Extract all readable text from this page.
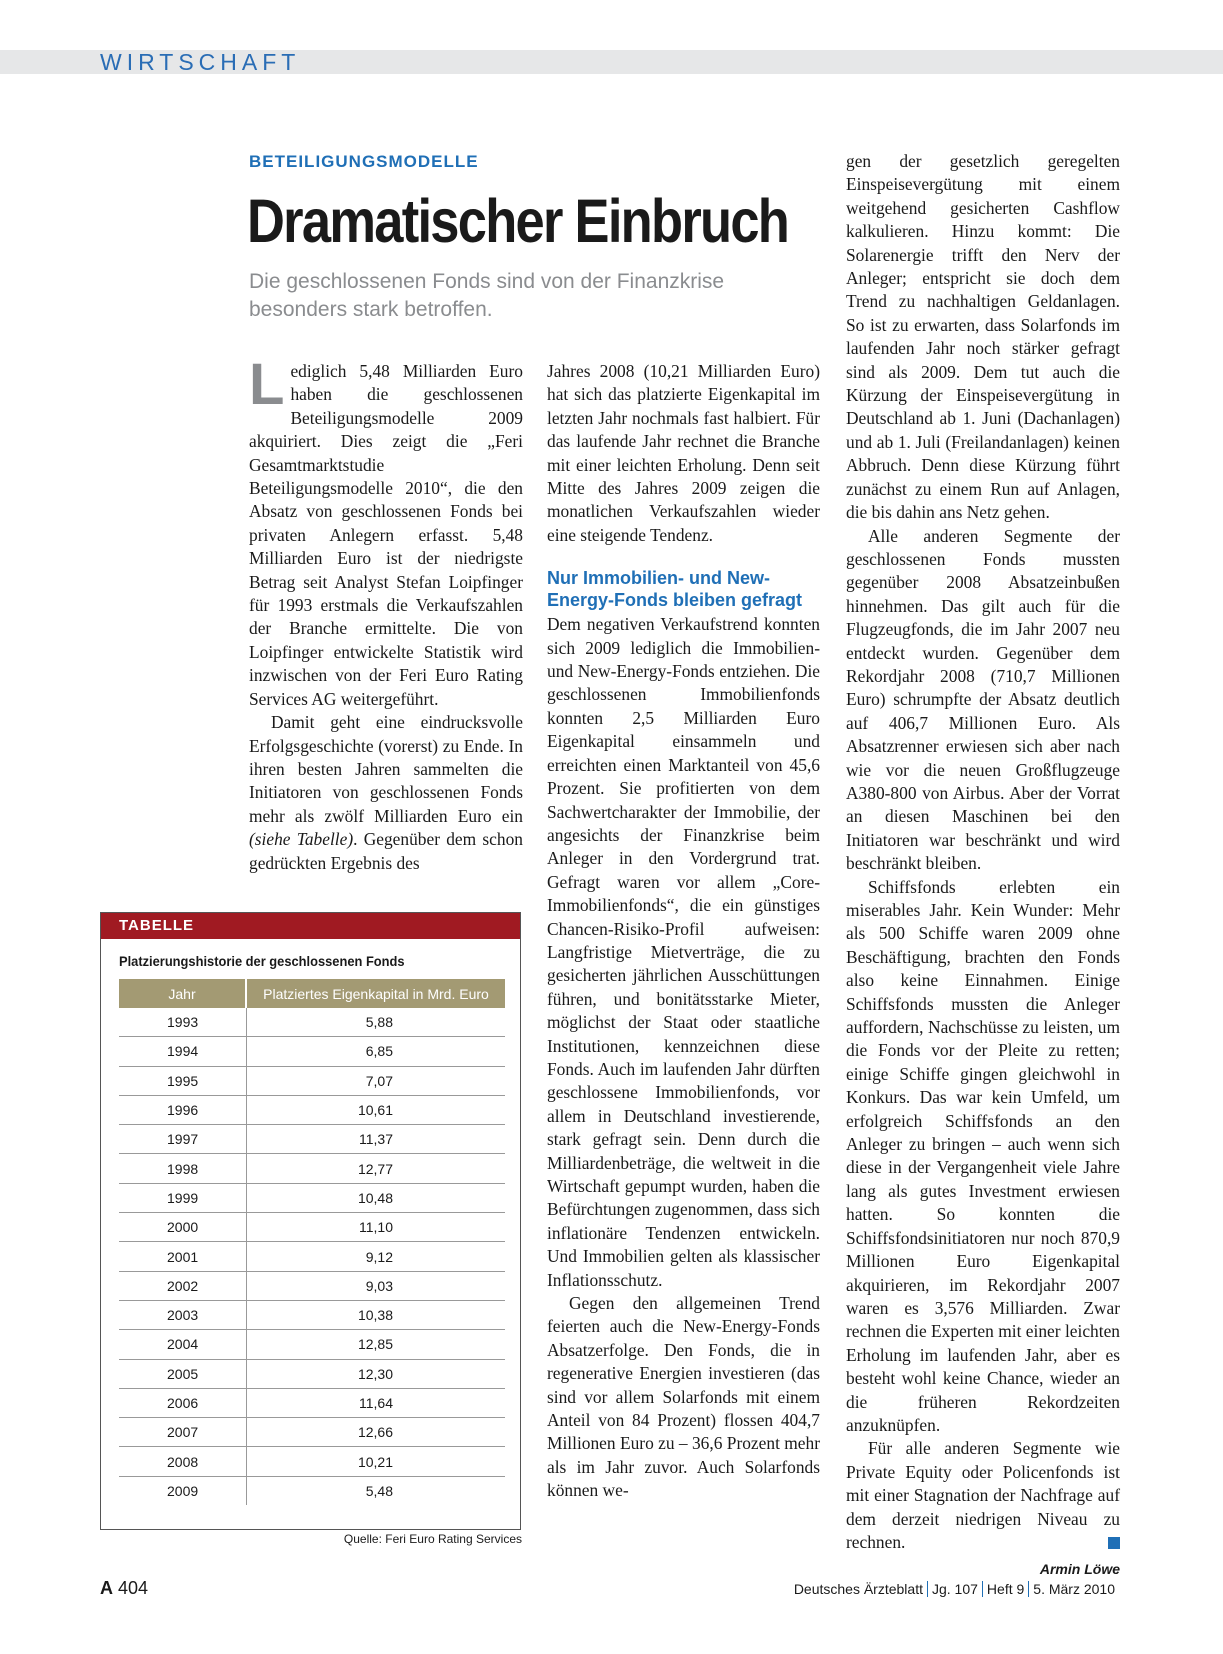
WIRTSCHAFT
BETEILIGUNGSMODELLE
Dramatischer Einbruch
Die geschlossenen Fonds sind von der Finanzkrise besonders stark betroffen.

Lediglich 5,48 Milliarden Euro haben die geschlossenen Beteiligungsmodelle 2009 akquiriert. Dies zeigt die „Feri Gesamtmarktstudie Beteiligungsmodelle 2010“, die den Absatz von geschlossenen Fonds bei privaten Anlegern erfasst. 5,48 Milliarden Euro ist der niedrigste Betrag seit Analyst Stefan Loipfinger für 1993 erstmals die Verkaufszahlen der Branche ermittelte. Die von Loipfinger entwickelte Statistik wird inzwischen von der Feri Euro Rating Services AG weitergeführt.

Damit geht eine eindrucksvolle Erfolgsgeschichte (vorerst) zu Ende. In ihren besten Jahren sammelten die Initiatoren von geschlossenen Fonds mehr als zwölf Milliarden Euro ein (siehe Tabelle). Gegenüber dem schon gedrückten Ergebnis des

Jahres 2008 (10,21 Milliarden Euro) hat sich das platzierte Eigenkapital im letzten Jahr nochmals fast halbiert. Für das laufende Jahr rechnet die Branche mit einer leichten Erholung. Denn seit Mitte des Jahres 2009 zeigen die monatlichen Verkaufszahlen wieder eine steigende Tendenz.

Nur Immobilien- und New-Energy-Fonds bleiben gefragt

Dem negativen Verkaufstrend konnten sich 2009 lediglich die Immobilien- und New-Energy-Fonds entziehen. Die geschlossenen Immobilienfonds konnten 2,5 Milliarden Euro Eigenkapital einsammeln und erreichten einen Marktanteil von 45,6 Prozent. Sie profitierten von dem Sachwertcharakter der Immobilie, der angesichts der Finanzkrise beim Anleger in den Vordergrund trat. Gefragt waren vor allem „Core-Immobilienfonds“, die ein günstiges Chancen-Risiko-Profil aufweisen: Langfristige Mietverträge, die zu gesicherten jährlichen Ausschüttungen führen, und bonitätsstarke Mieter, möglichst der Staat oder staatliche Institutionen, kennzeichnen diese Fonds. Auch im laufenden Jahr dürften geschlossene Immobilienfonds, vor allem in Deutschland investierende, stark gefragt sein. Denn durch die Milliardenbeträge, die weltweit in die Wirtschaft gepumpt wurden, haben die Befürchtungen zugenommen, dass sich inflationäre Tendenzen entwickeln. Und Immobilien gelten als klassischer Inflationsschutz.

Gegen den allgemeinen Trend feierten auch die New-Energy-Fonds Absatzerfolge. Den Fonds, die in regenerative Energien investieren (das sind vor allem Solarfonds mit einem Anteil von 84 Prozent) flossen 404,7 Millionen Euro zu – 36,6 Prozent mehr als im Jahr zuvor. Auch Solarfonds können we-

gen der gesetzlich geregelten Einspeisevergütung mit einem weitgehend gesicherten Cashflow kalkulieren. Hinzu kommt: Die Solarenergie trifft den Nerv der Anleger; entspricht sie doch dem Trend zu nachhaltigen Geldanlagen. So ist zu erwarten, dass Solarfonds im laufenden Jahr noch stärker gefragt sind als 2009. Dem tut auch die Kürzung der Einspeisevergütung in Deutschland ab 1. Juni (Dachanlagen) und ab 1. Juli (Freilandanlagen) keinen Abbruch. Denn diese Kürzung führt zunächst zu einem Run auf Anlagen, die bis dahin ans Netz gehen.

Alle anderen Segmente der geschlossenen Fonds mussten gegenüber 2008 Absatzeinbußen hinnehmen. Das gilt auch für die Flugzeugfonds, die im Jahr 2007 neu entdeckt wurden. Gegenüber dem Rekordjahr 2008 (710,7 Millionen Euro) schrumpfte der Absatz deutlich auf 406,7 Millionen Euro. Als Absatzrenner erwiesen sich aber nach wie vor die neuen Großflugzeuge A380-800 von Airbus. Aber der Vorrat an diesen Maschinen bei den Initiatoren war beschränkt und wird beschränkt bleiben.

Schiffsfonds erlebten ein miserables Jahr. Kein Wunder: Mehr als 500 Schiffe waren 2009 ohne Beschäftigung, brachten den Fonds also keine Einnahmen. Einige Schiffsfonds mussten die Anleger auffordern, Nachschüsse zu leisten, um die Fonds vor der Pleite zu retten; einige Schiffe gingen gleichwohl in Konkurs. Das war kein Umfeld, um erfolgreich Schiffsfonds an den Anleger zu bringen – auch wenn sich diese in der Vergangenheit viele Jahre lang als gutes Investment erwiesen hatten. So konnten die Schiffsfondsinitiatoren nur noch 870,9 Millionen Euro Eigenkapital akquirieren, im Rekordjahr 2007 waren es 3,576 Milliarden. Zwar rechnen die Experten mit einer leichten Erholung im laufenden Jahr, aber es besteht wohl keine Chance, wieder an die früheren Rekordzeiten anzuknüpfen.

Für alle anderen Segmente wie Private Equity oder Policenfonds ist mit einer Stagnation der Nachfrage auf dem derzeit niedrigen Niveau zu rechnen.

Armin Löwe

TABELLE
Platzierungshistorie der geschlossenen Fonds
Jahr	Platziertes Eigenkapital in Mrd. Euro
1993	5,88
1994	6,85
1995	7,07
1996	10,61
1997	11,37
1998	12,77
1999	10,48
2000	11,10
2001	9,12
2002	9,03
2003	10,38
2004	12,85
2005	12,30
2006	11,64
2007	12,66
2008	10,21
2009	5,48
Quelle: Feri Euro Rating Services
A 404	Deutsches Ärzteblatt Jg. 107 Heft 9 5. März 2010
